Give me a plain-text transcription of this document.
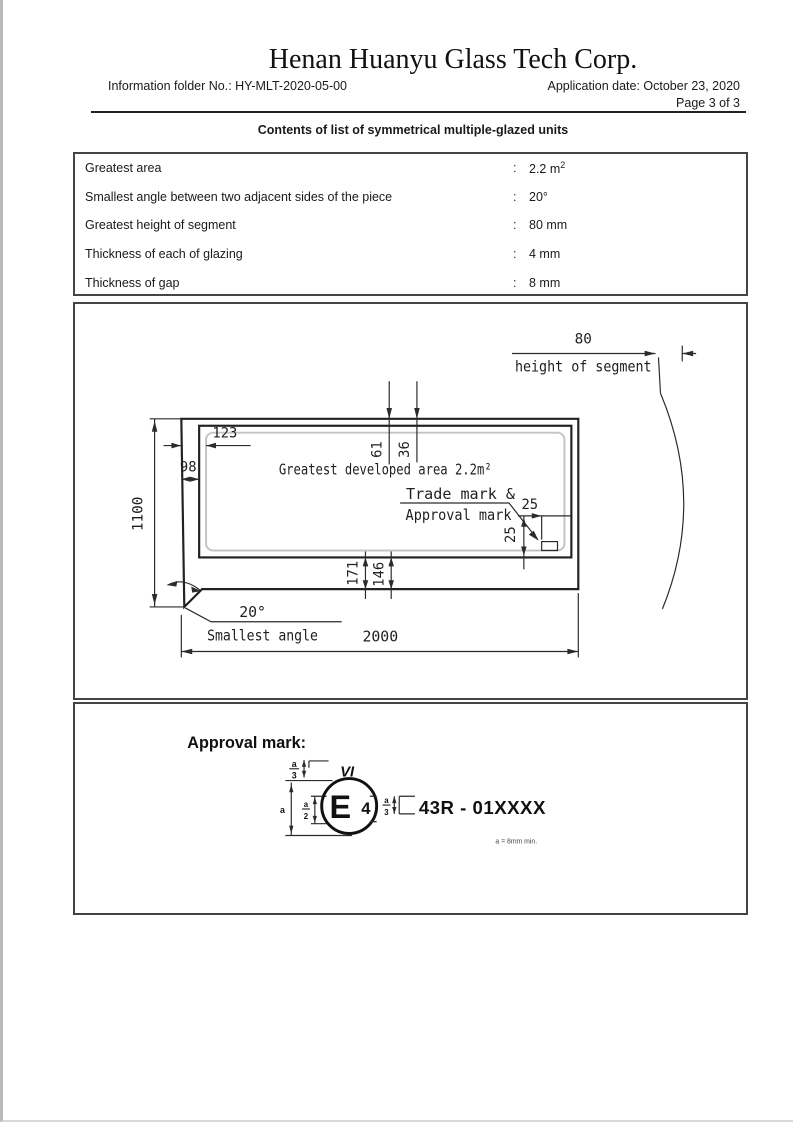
Henan Huanyu Glass Tech Corp.
Information folder No.: HY-MLT-2020-05-00	Application date: October 23, 2020
Page 3 of 3
Contents of list of symmetrical multiple-glazed units
Greatest area	:	2.2 $m^2$
Smallest angle between two adjacent sides of the piece	:	20°
Greatest height of segment	:	80 mm
Thickness of each of glazing	:	4 mm
Thickness of gap	:	8 mm
Greatest developed area 2.2m²
Trade mark &
Approval mark
25
25
61 36
171 146
123
98
1100
2000
20°
Smallest angle
80
height of segment
Approval mark:
VI
a
3
a
a
2 E 4 a
3 43R - 01XXXX
a = 8mm min.
